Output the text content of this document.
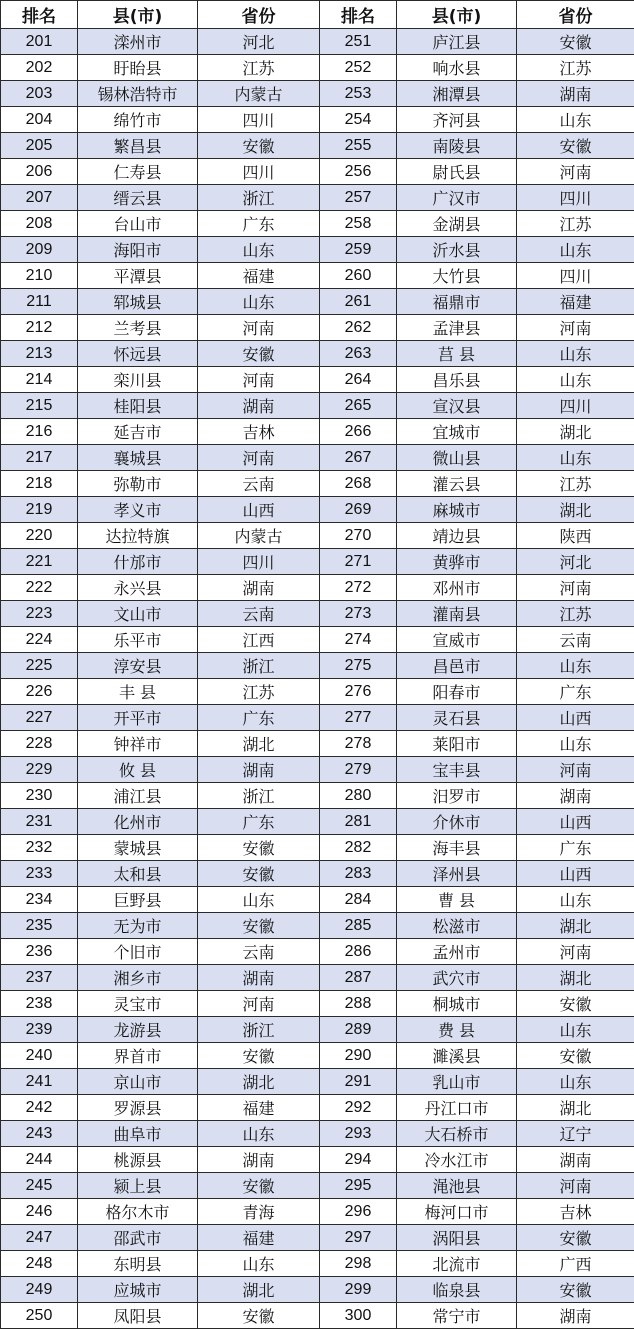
排名	县(市)	省份	排名	县(市)	省份
201	滦州市	河北	251	庐江县	安徽
202	盱眙县	江苏	252	响水县	江苏
203	锡林浩特市	内蒙古	253	湘潭县	湖南
204	绵竹市	四川	254	齐河县	山东
205	繁昌县	安徽	255	南陵县	安徽
206	仁寿县	四川	256	尉氏县	河南
207	缙云县	浙江	257	广汉市	四川
208	台山市	广东	258	金湖县	江苏
209	海阳市	山东	259	沂水县	山东
210	平潭县	福建	260	大竹县	四川
211	郓城县	山东	261	福鼎市	福建
212	兰考县	河南	262	孟津县	河南
213	怀远县	安徽	263	莒 县	山东
214	栾川县	河南	264	昌乐县	山东
215	桂阳县	湖南	265	宣汉县	四川
216	延吉市	吉林	266	宜城市	湖北
217	襄城县	河南	267	微山县	山东
218	弥勒市	云南	268	灌云县	江苏
219	孝义市	山西	269	麻城市	湖北
220	达拉特旗	内蒙古	270	靖边县	陕西
221	什邡市	四川	271	黄骅市	河北
222	永兴县	湖南	272	邓州市	河南
223	文山市	云南	273	灌南县	江苏
224	乐平市	江西	274	宣威市	云南
225	淳安县	浙江	275	昌邑市	山东
226	丰 县	江苏	276	阳春市	广东
227	开平市	广东	277	灵石县	山西
228	钟祥市	湖北	278	莱阳市	山东
229	攸 县	湖南	279	宝丰县	河南
230	浦江县	浙江	280	汨罗市	湖南
231	化州市	广东	281	介休市	山西
232	蒙城县	安徽	282	海丰县	广东
233	太和县	安徽	283	泽州县	山西
234	巨野县	山东	284	曹 县	山东
235	无为市	安徽	285	松滋市	湖北
236	个旧市	云南	286	孟州市	河南
237	湘乡市	湖南	287	武穴市	湖北
238	灵宝市	河南	288	桐城市	安徽
239	龙游县	浙江	289	费 县	山东
240	界首市	安徽	290	濉溪县	安徽
241	京山市	湖北	291	乳山市	山东
242	罗源县	福建	292	丹江口市	湖北
243	曲阜市	山东	293	大石桥市	辽宁
244	桃源县	湖南	294	冷水江市	湖南
245	颍上县	安徽	295	渑池县	河南
246	格尔木市	青海	296	梅河口市	吉林
247	邵武市	福建	297	涡阳县	安徽
248	东明县	山东	298	北流市	广西
249	应城市	湖北	299	临泉县	安徽
250	凤阳县	安徽	300	常宁市	湖南
